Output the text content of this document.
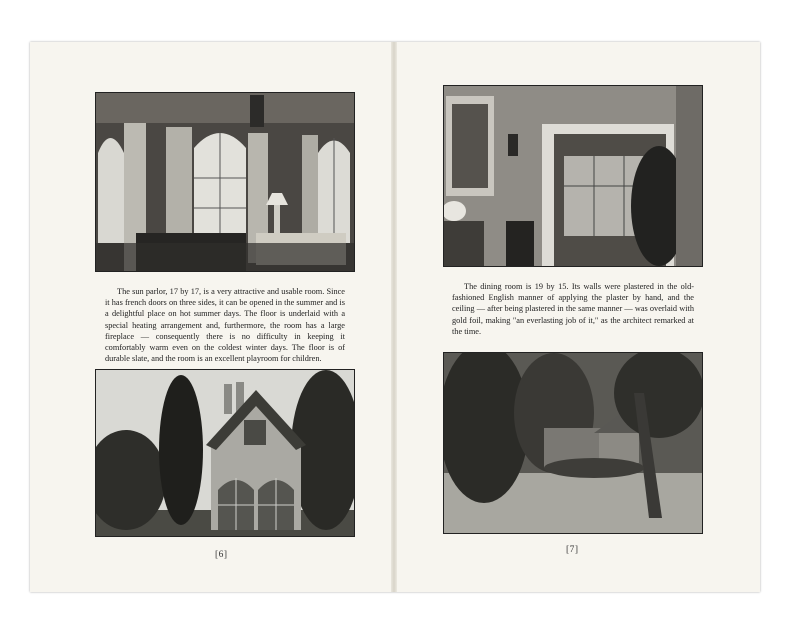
The sun parlor, 17 by 17, is a very attractive and usable room. Since it has french doors on three sides, it can be opened in the summer and is a delightful place on hot summer days. The floor is underlaid with a special heating arrangement and, furthermore, the room has a large fireplace — consequently there is no difficulty in keeping it comfortably warm even on the coldest winter days. The floor is of durable slate, and the room is an excellent playroom for children.
[6]
The dining room is 19 by 15. Its walls were plastered in the old-fashioned English manner of applying the plaster by hand, and the ceiling — after being plastered in the same manner — was overlaid with gold foil, making "an everlasting job of it," as the architect remarked at the time.
[7]
